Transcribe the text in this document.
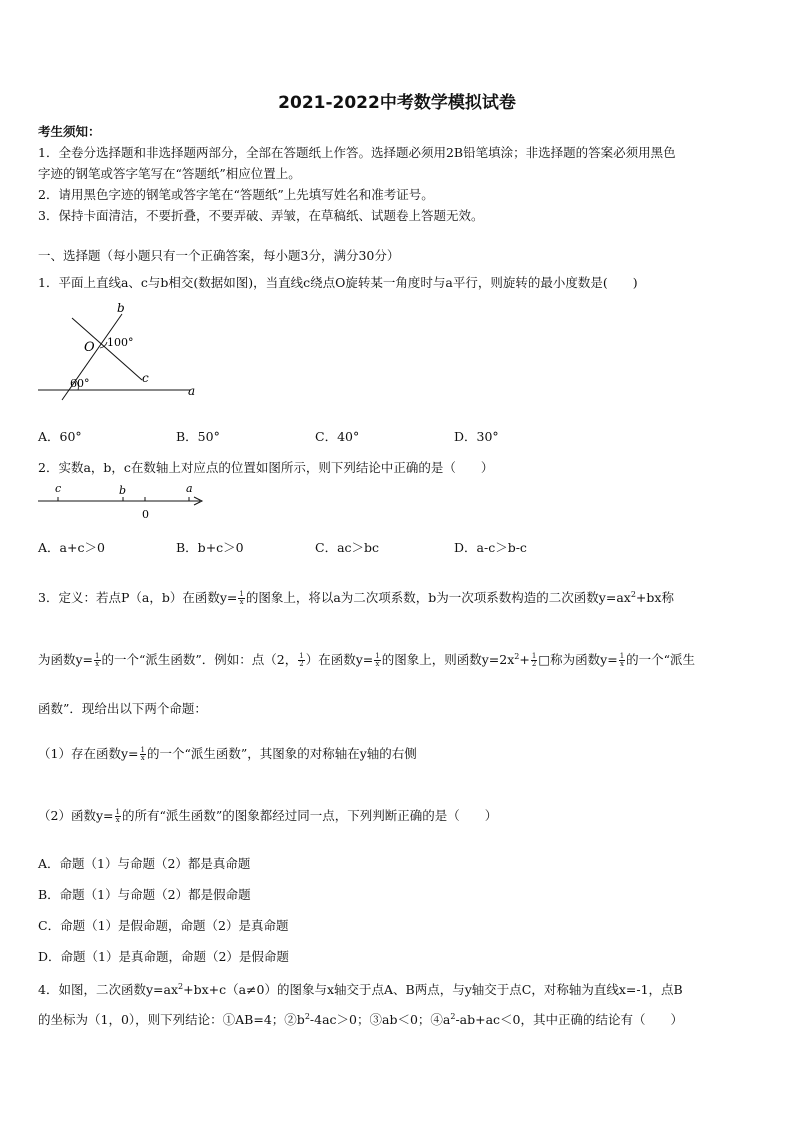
2021-2022中考数学模拟试卷
考生须知：
1．全卷分选择题和非选择题两部分，全部在答题纸上作答。选择题必须用2B铅笔填涂；非选择题的答案必须用黑色
字迹的钢笔或答字笔写在“答题纸”相应位置上。
2．请用黑色字迹的钢笔或答字笔在“答题纸”上先填写姓名和准考证号。
3．保持卡面清洁，不要折叠，不要弄破、弄皱，在草稿纸、试题卷上答题无效。
一、选择题（每小题只有一个正确答案，每小题3分，满分30分）
1．平面上直线a、c与b相交(数据如图)，当直线c绕点O旋转某一角度时与a平行，则旋转的最小度数是(　　)
b
O 100°
c
60°
a
A．60°	B．50°	C．40°	D．30°
2．实数a，b，c在数轴上对应点的位置如图所示，则下列结论中正确的是（　　）
c	b
0
a
A．a+c＞0	B．b+c＞0	C．ac＞bc	D．a-c＞b-c
3．定义：若点P（a，b）在函数$y= \frac{1}{x}$ 的图象上，将以a为二次项系数，b为一次项系数构造的二次函数$y=ax^2+bx$称
为函数$y= \frac{1}{x}$ 的一个“派生函数”．例如：点（2， $\frac{1}{2}$ ）在函数$y= \frac{1}{x}$ 的图象上，则函数$y=2x^2+ \frac{1}{2}$ □称为函数$y= \frac{1}{x}$ 的一个“派生
函数”．现给出以下两个命题：
（1）存在函数$y= \frac{1}{x}$ 的一个“派生函数”，其图象的对称轴在y轴的右侧
（2）函数$y= \frac{1}{x}$ 的所有“派生函数”的图象都经过同一点，下列判断正确的是（　　）
A．命题（1）与命题（2）都是真命题
B．命题（1）与命题（2）都是假命题
C．命题（1）是假命题，命题（2）是真命题
D．命题（1）是真命题，命题（2）是假命题
4．如图，二次函数$y=ax^2+bx+c(a\ne 0)$的图象与x轴交于点A、B两点，与y轴交于点C，对称轴为直线x=-1，点B
的坐标为（1，0），则下列结论：①AB=4；$②b^2-4ac>0$；③ab＜0；$④a^2-ab+ac<0$，其中正确的结论有（　　）
